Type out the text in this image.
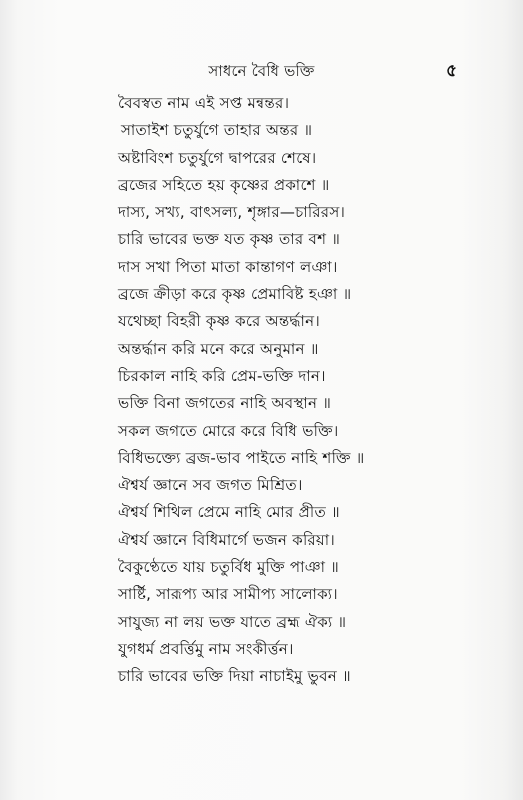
সাধনে বৈধি ভক্তি	৫
বৈবস্বত নাম এই সপ্ত মন্বন্তর।
সাতাইশ চতুর্যুগে তাহার অন্তর ॥
অষ্টাবিংশ চতুর্যুগে দ্বাপরের শেষে।
ব্রজের সহিতে হয় কৃষ্ণের প্রকাশে ॥
দাস্য, সখ্য, বাৎসল্য, শৃঙ্গার—চারিরস।
চারি ভাবের ভক্ত যত কৃষ্ণ তার বশ ॥
দাস সখা পিতা মাতা কান্তাগণ লঞা।
ব্রজে ক্রীড়া করে কৃষ্ণ প্রেমাবিষ্ট হঞা ॥
যথেচ্ছা বিহরী কৃষ্ণ করে অন্তর্দ্ধান।
অন্তর্দ্ধান করি মনে করে অনুমান ॥
চিরকাল নাহি করি প্রেম-ভক্তি দান।
ভক্তি বিনা জগতের নাহি অবস্থান ॥
সকল জগতে মোরে করে বিধি ভক্তি।
বিধিভক্ত্যে ব্রজ-ভাব পাইতে নাহি শক্তি ॥
ঐশ্বর্য জ্ঞানে সব জগত মিশ্রিত।
ঐশ্বর্য শিথিল প্রেমে নাহি মোর প্রীত ॥
ঐশ্বর্য জ্ঞানে বিধিমার্গে ভজন করিয়া।
বৈকুণ্ঠেতে যায় চতুর্বিধ মুক্তি পাঞা ॥
সার্ষ্টি, সারূপ্য আর সামীপ্য সালোক্য।
সাযুজ্য না লয় ভক্ত যাতে ব্রহ্ম ঐক্য ॥
যুগধর্ম প্রবর্ত্তিমু নাম সংকীর্ত্তন।
চারি ভাবের ভক্তি দিয়া নাচাইমু ভুবন ॥
